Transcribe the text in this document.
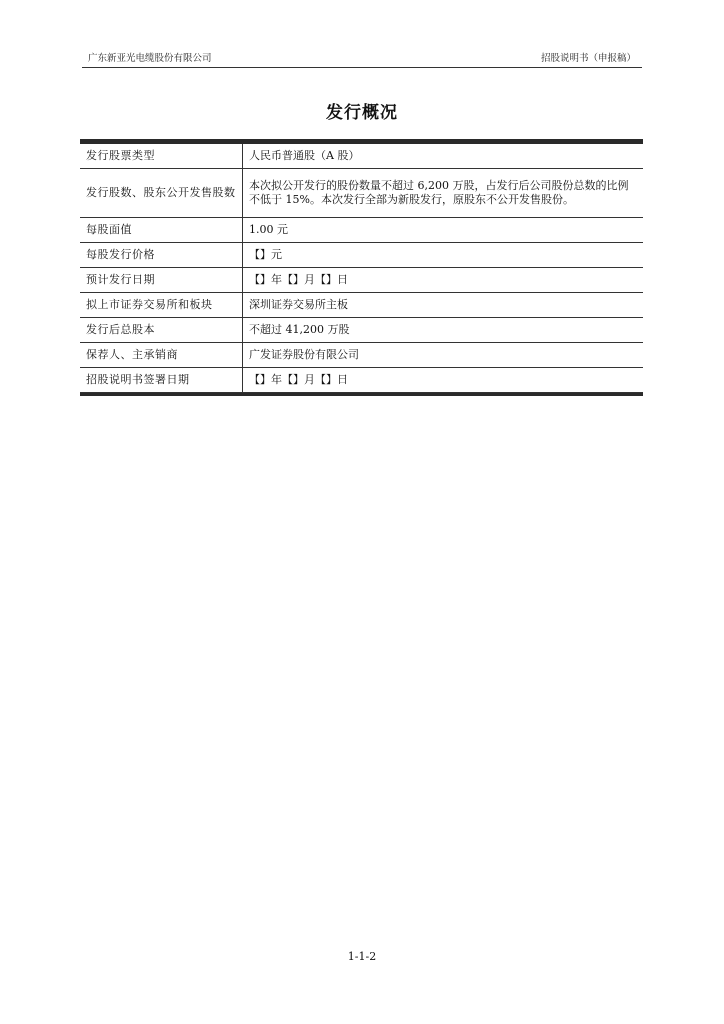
广东新亚光电缆股份有限公司	招股说明书（申报稿）
发行概况
发行股票类型	人民币普通股（A 股）
发行股数、股东公开发售股数	本次拟公开发行的股份数量不超过 6,200 万股，占发行后公司股份总数的比例不低于 15%。本次发行全部为新股发行，原股东不公开发售股份。
每股面值	1.00 元
每股发行价格	【】元
预计发行日期	【】年【】月【】日
拟上市证券交易所和板块	深圳证券交易所主板
发行后总股本	不超过 41,200 万股
保荐人、主承销商	广发证券股份有限公司
招股说明书签署日期	【】年【】月【】日
1-1-2
